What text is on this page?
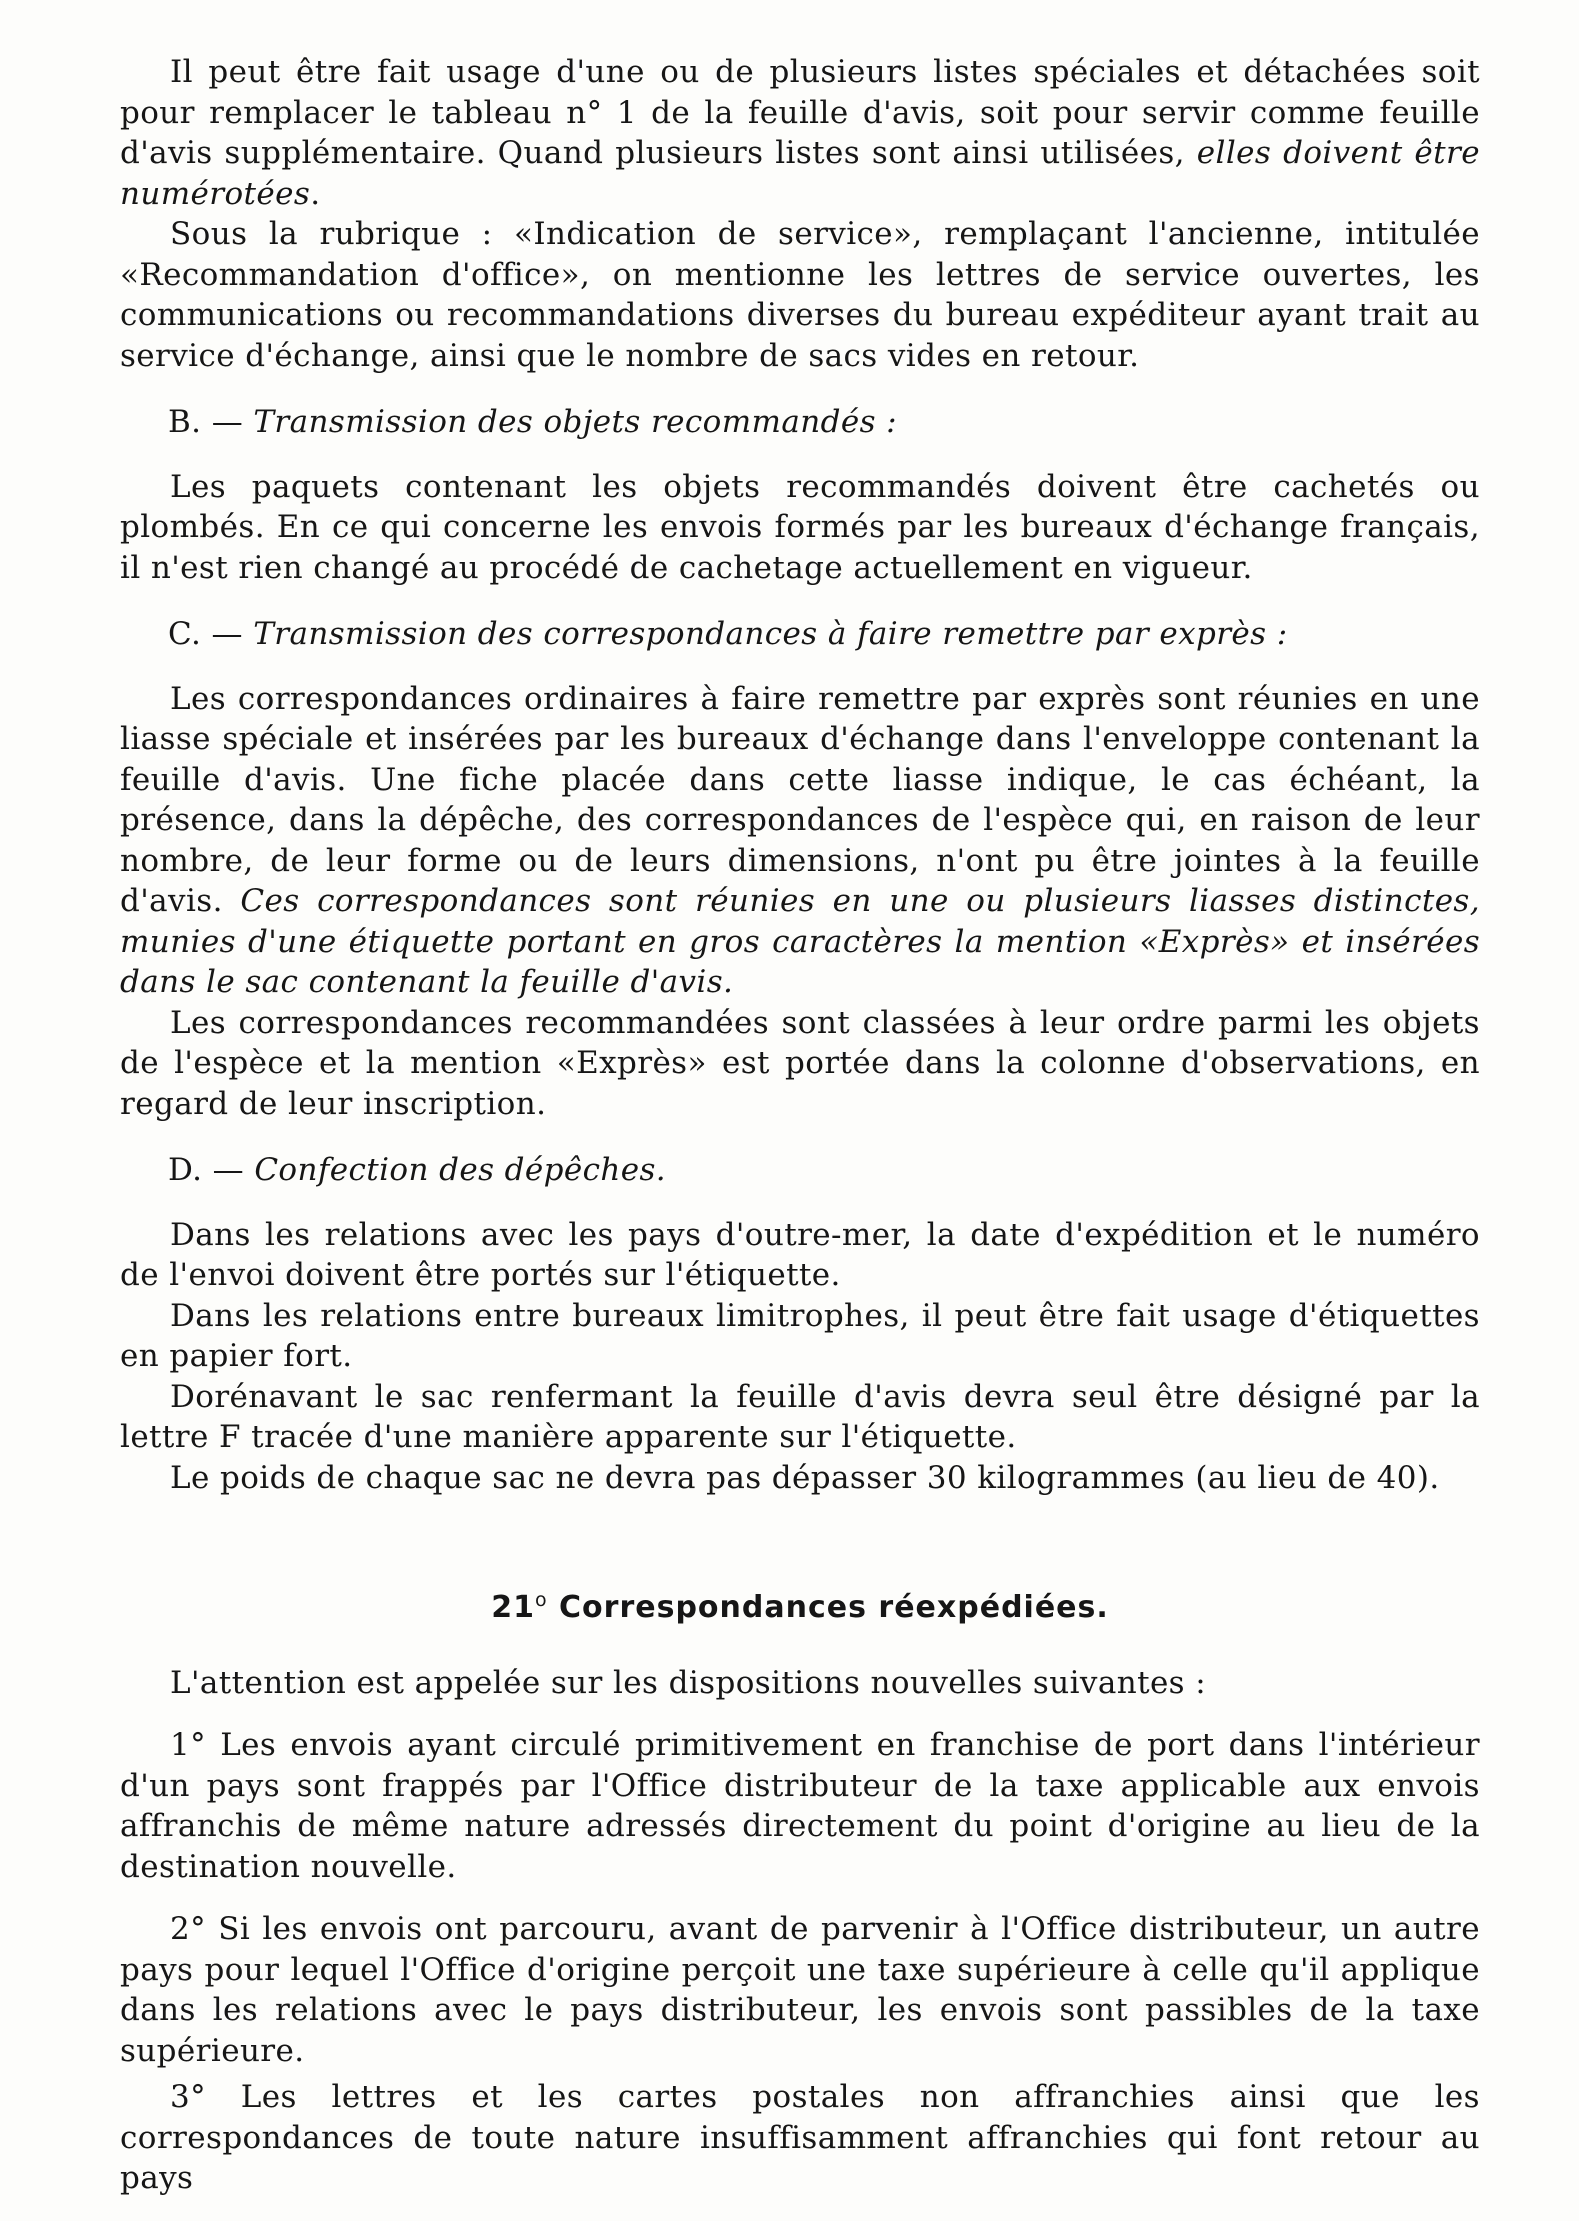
Il peut être fait usage d'une ou de plusieurs listes spéciales et détachées soit pour remplacer le tableau n° 1 de la feuille d'avis, soit pour servir comme feuille d'avis supplémentaire. Quand plusieurs listes sont ainsi utilisées, elles doivent être numérotées.

Sous la rubrique : «Indication de service», remplaçant l'ancienne, intitulée «Recommandation d'office», on mentionne les lettres de service ouvertes, les communications ou recommandations diverses du bureau expéditeur ayant trait au service d'échange, ainsi que le nombre de sacs vides en retour.

B. — Transmission des objets recommandés :

Les paquets contenant les objets recommandés doivent être cachetés ou plombés. En ce qui concerne les envois formés par les bureaux d'échange français, il n'est rien changé au procédé de cachetage actuellement en vigueur.

C. — Transmission des correspondances à faire remettre par exprès :

Les correspondances ordinaires à faire remettre par exprès sont réunies en une liasse spéciale et insérées par les bureaux d'échange dans l'enveloppe contenant la feuille d'avis. Une fiche placée dans cette liasse indique, le cas échéant, la présence, dans la dépêche, des correspondances de l'espèce qui, en raison de leur nombre, de leur forme ou de leurs dimensions, n'ont pu être jointes à la feuille d'avis. Ces correspondances sont réunies en une ou plusieurs liasses distinctes, munies d'une étiquette portant en gros caractères la mention «Exprès» et insérées dans le sac contenant la feuille d'avis.

Les correspondances recommandées sont classées à leur ordre parmi les objets de l'espèce et la mention «Exprès» est portée dans la colonne d'observations, en regard de leur inscription.

D. — Confection des dépêches.

Dans les relations avec les pays d'outre-mer, la date d'expédition et le numéro de l'envoi doivent être portés sur l'étiquette.

Dans les relations entre bureaux limitrophes, il peut être fait usage d'étiquettes en papier fort.

Dorénavant le sac renfermant la feuille d'avis devra seul être désigné par la lettre F tracée d'une manière apparente sur l'étiquette.

Le poids de chaque sac ne devra pas dépasser 30 kilogrammes (au lieu de 40).

21$^o$ Correspondances réexpédiées.

L'attention est appelée sur les dispositions nouvelles suivantes :

1° Les envois ayant circulé primitivement en franchise de port dans l'intérieur d'un pays sont frappés par l'Office distributeur de la taxe applicable aux envois affranchis de même nature adressés directement du point d'origine au lieu de la destination nouvelle.

2° Si les envois ont parcouru, avant de parvenir à l'Office distributeur, un autre pays pour lequel l'Office d'origine perçoit une taxe supérieure à celle qu'il applique dans les relations avec le pays distributeur, les envois sont passibles de la taxe supérieure.

3° Les lettres et les cartes postales non affranchies ainsi que les correspondances de toute nature insuffisamment affranchies qui font retour au pays
